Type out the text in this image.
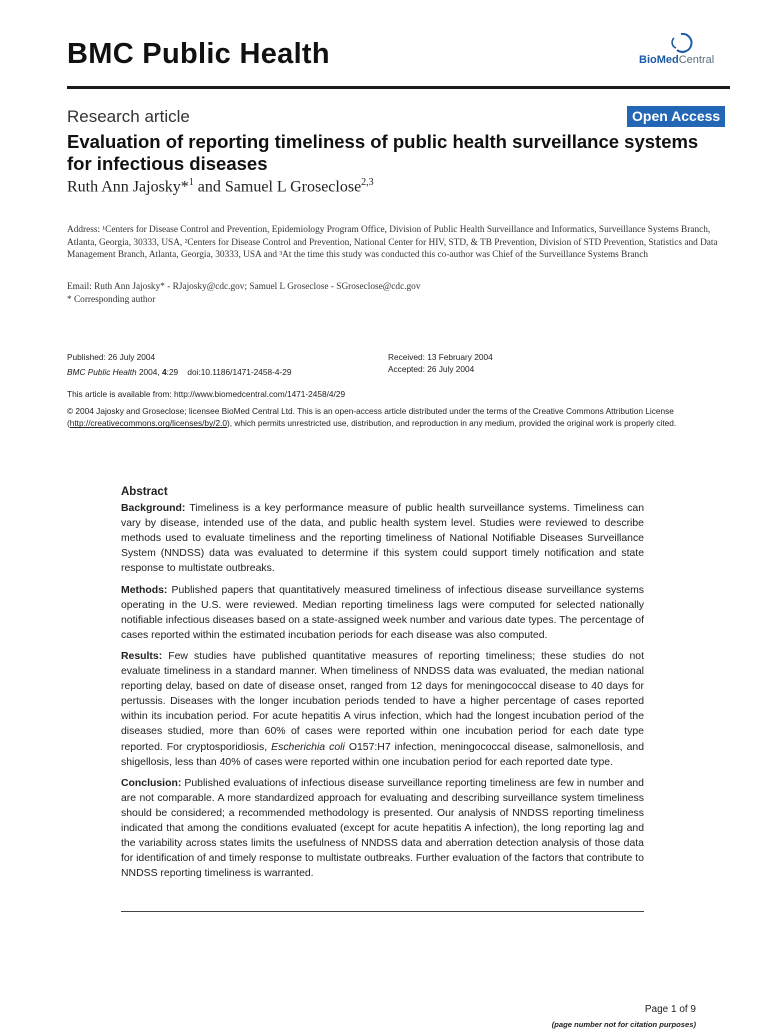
BMC Public Health	BioMedCentral
Research article	Open Access
Evaluation of reporting timeliness of public health surveillance systems for infectious diseases
Ruth Ann Jajosky*$^1$ and Samuel L Groseclose$^{2,3}$
Address: ¹Centers for Disease Control and Prevention, Epidemiology Program Office, Division of Public Health Surveillance and Informatics, Surveillance Systems Branch, Atlanta, Georgia, 30333, USA, ²Centers for Disease Control and Prevention, National Center for HIV, STD, & TB Prevention, Division of STD Prevention, Statistics and Data Management Branch, Atlanta, Georgia, 30333, USA and ³At the time this study was conducted this co-author was Chief of the Surveillance Systems Branch
Email: Ruth Ann Jajosky* - RJajosky@cdc.gov; Samuel L Groseclose - SGroseclose@cdc.gov
* Corresponding author
Published: 26 July 2004
BMC Public Health 2004, 4:29    doi:10.1186/1471-2458-4-29
Received: 13 February 2004
Accepted: 26 July 2004
This article is available from: http://www.biomedcentral.com/1471-2458/4/29
© 2004 Jajosky and Groseclose; licensee BioMed Central Ltd. This is an open-access article distributed under the terms of the Creative Commons Attribution License (http://creativecommons.org/licenses/by/2.0), which permits unrestricted use, distribution, and reproduction in any medium, provided the original work is properly cited.
Abstract

Background: Timeliness is a key performance measure of public health surveillance systems. Timeliness can vary by disease, intended use of the data, and public health system level. Studies were reviewed to describe methods used to evaluate timeliness and the reporting timeliness of National Notifiable Diseases Surveillance System (NNDSS) data was evaluated to determine if this system could support timely notification and state response to multistate outbreaks.

Methods: Published papers that quantitatively measured timeliness of infectious disease surveillance systems operating in the U.S. were reviewed. Median reporting timeliness lags were computed for selected nationally notifiable infectious diseases based on a state-assigned week number and various date types. The percentage of cases reported within the estimated incubation periods for each disease was also computed.

Results: Few studies have published quantitative measures of reporting timeliness; these studies do not evaluate timeliness in a standard manner. When timeliness of NNDSS data was evaluated, the median national reporting delay, based on date of disease onset, ranged from 12 days for meningococcal disease to 40 days for pertussis. Diseases with the longer incubation periods tended to have a higher percentage of cases reported within its incubation period. For acute hepatitis A virus infection, which had the longest incubation period of the diseases studied, more than 60% of cases were reported within one incubation period for each date type reported. For cryptosporidiosis, Escherichia coli O157:H7 infection, meningococcal disease, salmonellosis, and shigellosis, less than 40% of cases were reported within one incubation period for each reported date type.

Conclusion: Published evaluations of infectious disease surveillance reporting timeliness are few in number and are not comparable. A more standardized approach for evaluating and describing surveillance system timeliness should be considered; a recommended methodology is presented. Our analysis of NNDSS reporting timeliness indicated that among the conditions evaluated (except for acute hepatitis A infection), the long reporting lag and the variability across states limits the usefulness of NNDSS data and aberration detection analysis of those data for identification of and timely response to multistate outbreaks. Further evaluation of the factors that contribute to NNDSS reporting timeliness is warranted.

Page 1 of 9
(page number not for citation purposes)
